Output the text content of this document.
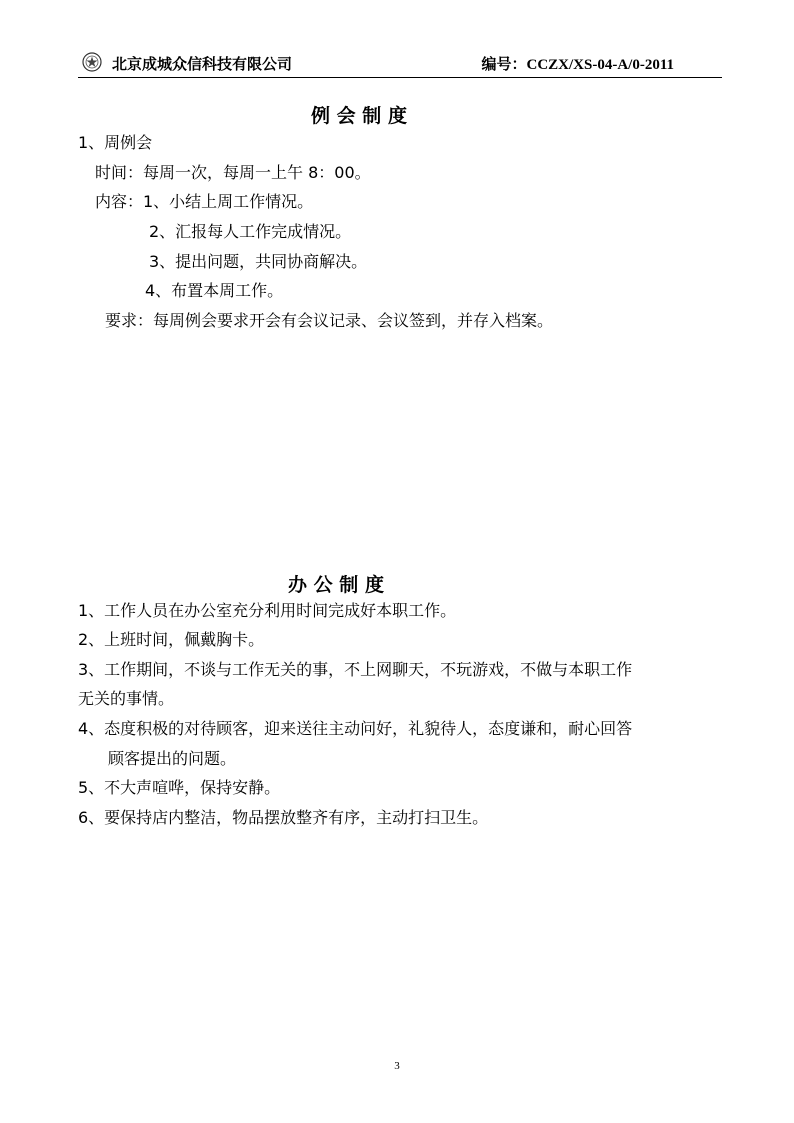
北京成城众信科技有限公司	编号：CCZX/XS-04-A/0-2011
例会制度
1、周例会
时间：每周一次，每周一上午 8：00。
内容：1、小结上周工作情况。
2、汇报每人工作完成情况。
3、提出问题，共同协商解决。
4、布置本周工作。
要求：每周例会要求开会有会议记录、会议签到，并存入档案。
办公制度
1、工作人员在办公室充分利用时间完成好本职工作。
2、上班时间，佩戴胸卡。
3、工作期间，不谈与工作无关的事，不上网聊天，不玩游戏，不做与本职工作
无关的事情。
4、态度积极的对待顾客，迎来送往主动问好，礼貌待人，态度谦和，耐心回答
顾客提出的问题。
5、不大声喧哗，保持安静。
6、要保持店内整洁，物品摆放整齐有序，主动打扫卫生。
3
